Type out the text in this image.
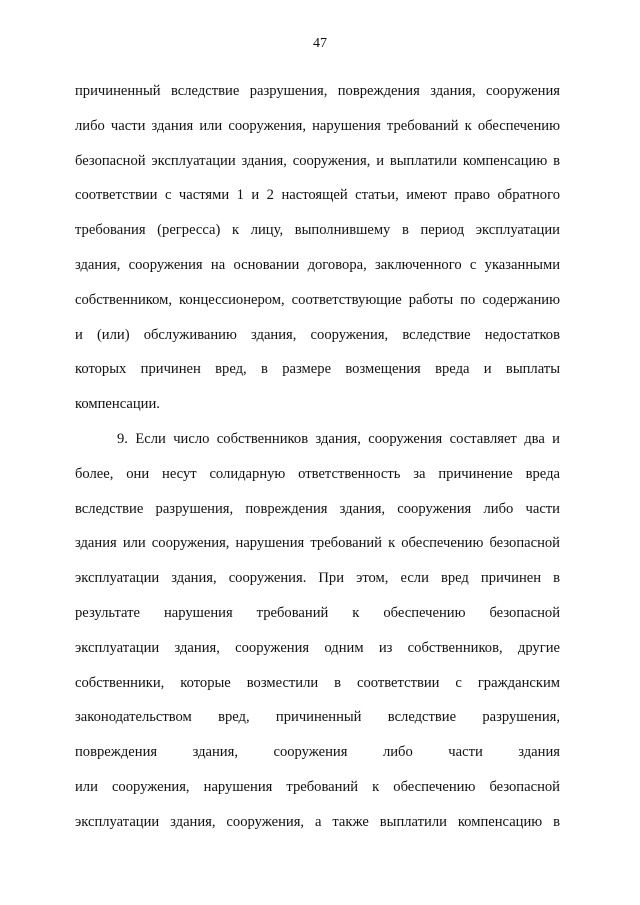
47

причиненный вследствие разрушения, повреждения здания, сооружения
либо части здания или сооружения, нарушения требований к обеспечению
безопасной эксплуатации здания, сооружения, и выплатили компенсацию в
соответствии с частями 1 и 2 настоящей статьи, имеют право обратного
требования (регресса) к лицу, выполнившему в период эксплуатации
здания, сооружения на основании договора, заключенного с указанными
собственником, концессионером, соответствующие работы по содержанию
и (или) обслуживанию здания, сооружения, вследствие недостатков
которых причинен вред, в размере возмещения вреда и выплаты
компенсации.

9. Если число собственников здания, сооружения составляет два и
более, они несут солидарную ответственность за причинение вреда
вследствие разрушения, повреждения здания, сооружения либо части
здания или сооружения, нарушения требований к обеспечению безопасной
эксплуатации здания, сооружения. При этом, если вред причинен в
результате нарушения требований к обеспечению безопасной
эксплуатации здания, сооружения одним из собственников, другие
собственники, которые возместили в соответствии с гражданским
законодательством вред, причиненный вследствие разрушения,
повреждения здания, сооружения либо части здания
или сооружения, нарушения требований к обеспечению безопасной
эксплуатации здания, сооружения, а также выплатили компенсацию в
